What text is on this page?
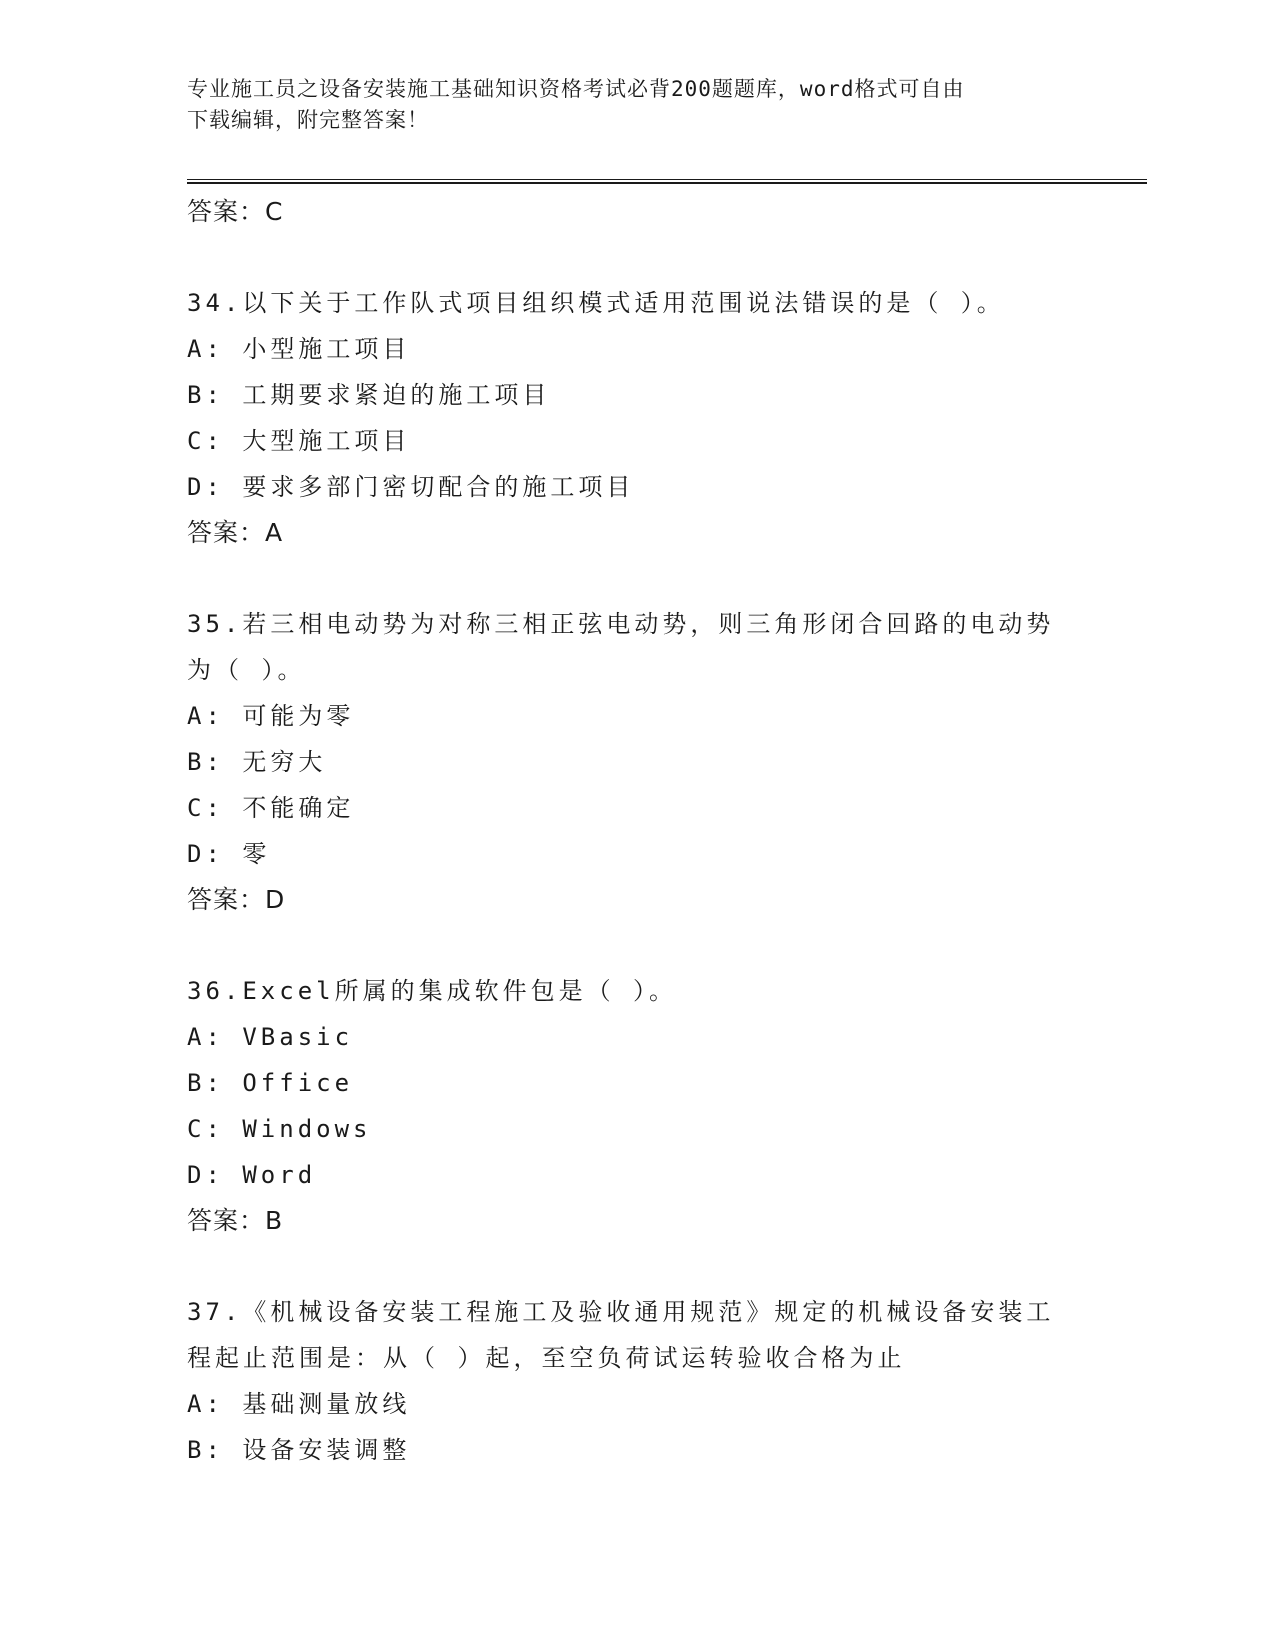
专业施工员之设备安装施工基础知识资格考试必背200题题库，word格式可自由
下载编辑，附完整答案！
答案：C
34.以下关于工作队式项目组织模式适用范围说法错误的是（ ）。
A: 小型施工项目
B: 工期要求紧迫的施工项目
C: 大型施工项目
D: 要求多部门密切配合的施工项目
答案：A
35.若三相电动势为对称三相正弦电动势，则三角形闭合回路的电动势
为（ ）。
A: 可能为零
B: 无穷大
C: 不能确定
D: 零
答案：D
36.Excel所属的集成软件包是（ ）。
A: VBasic
B: Office
C: Windows
D: Word
答案：B
37.《机械设备安装工程施工及验收通用规范》规定的机械设备安装工
程起止范围是：从（ ）起，至空负荷试运转验收合格为止
A: 基础测量放线
B: 设备安装调整
